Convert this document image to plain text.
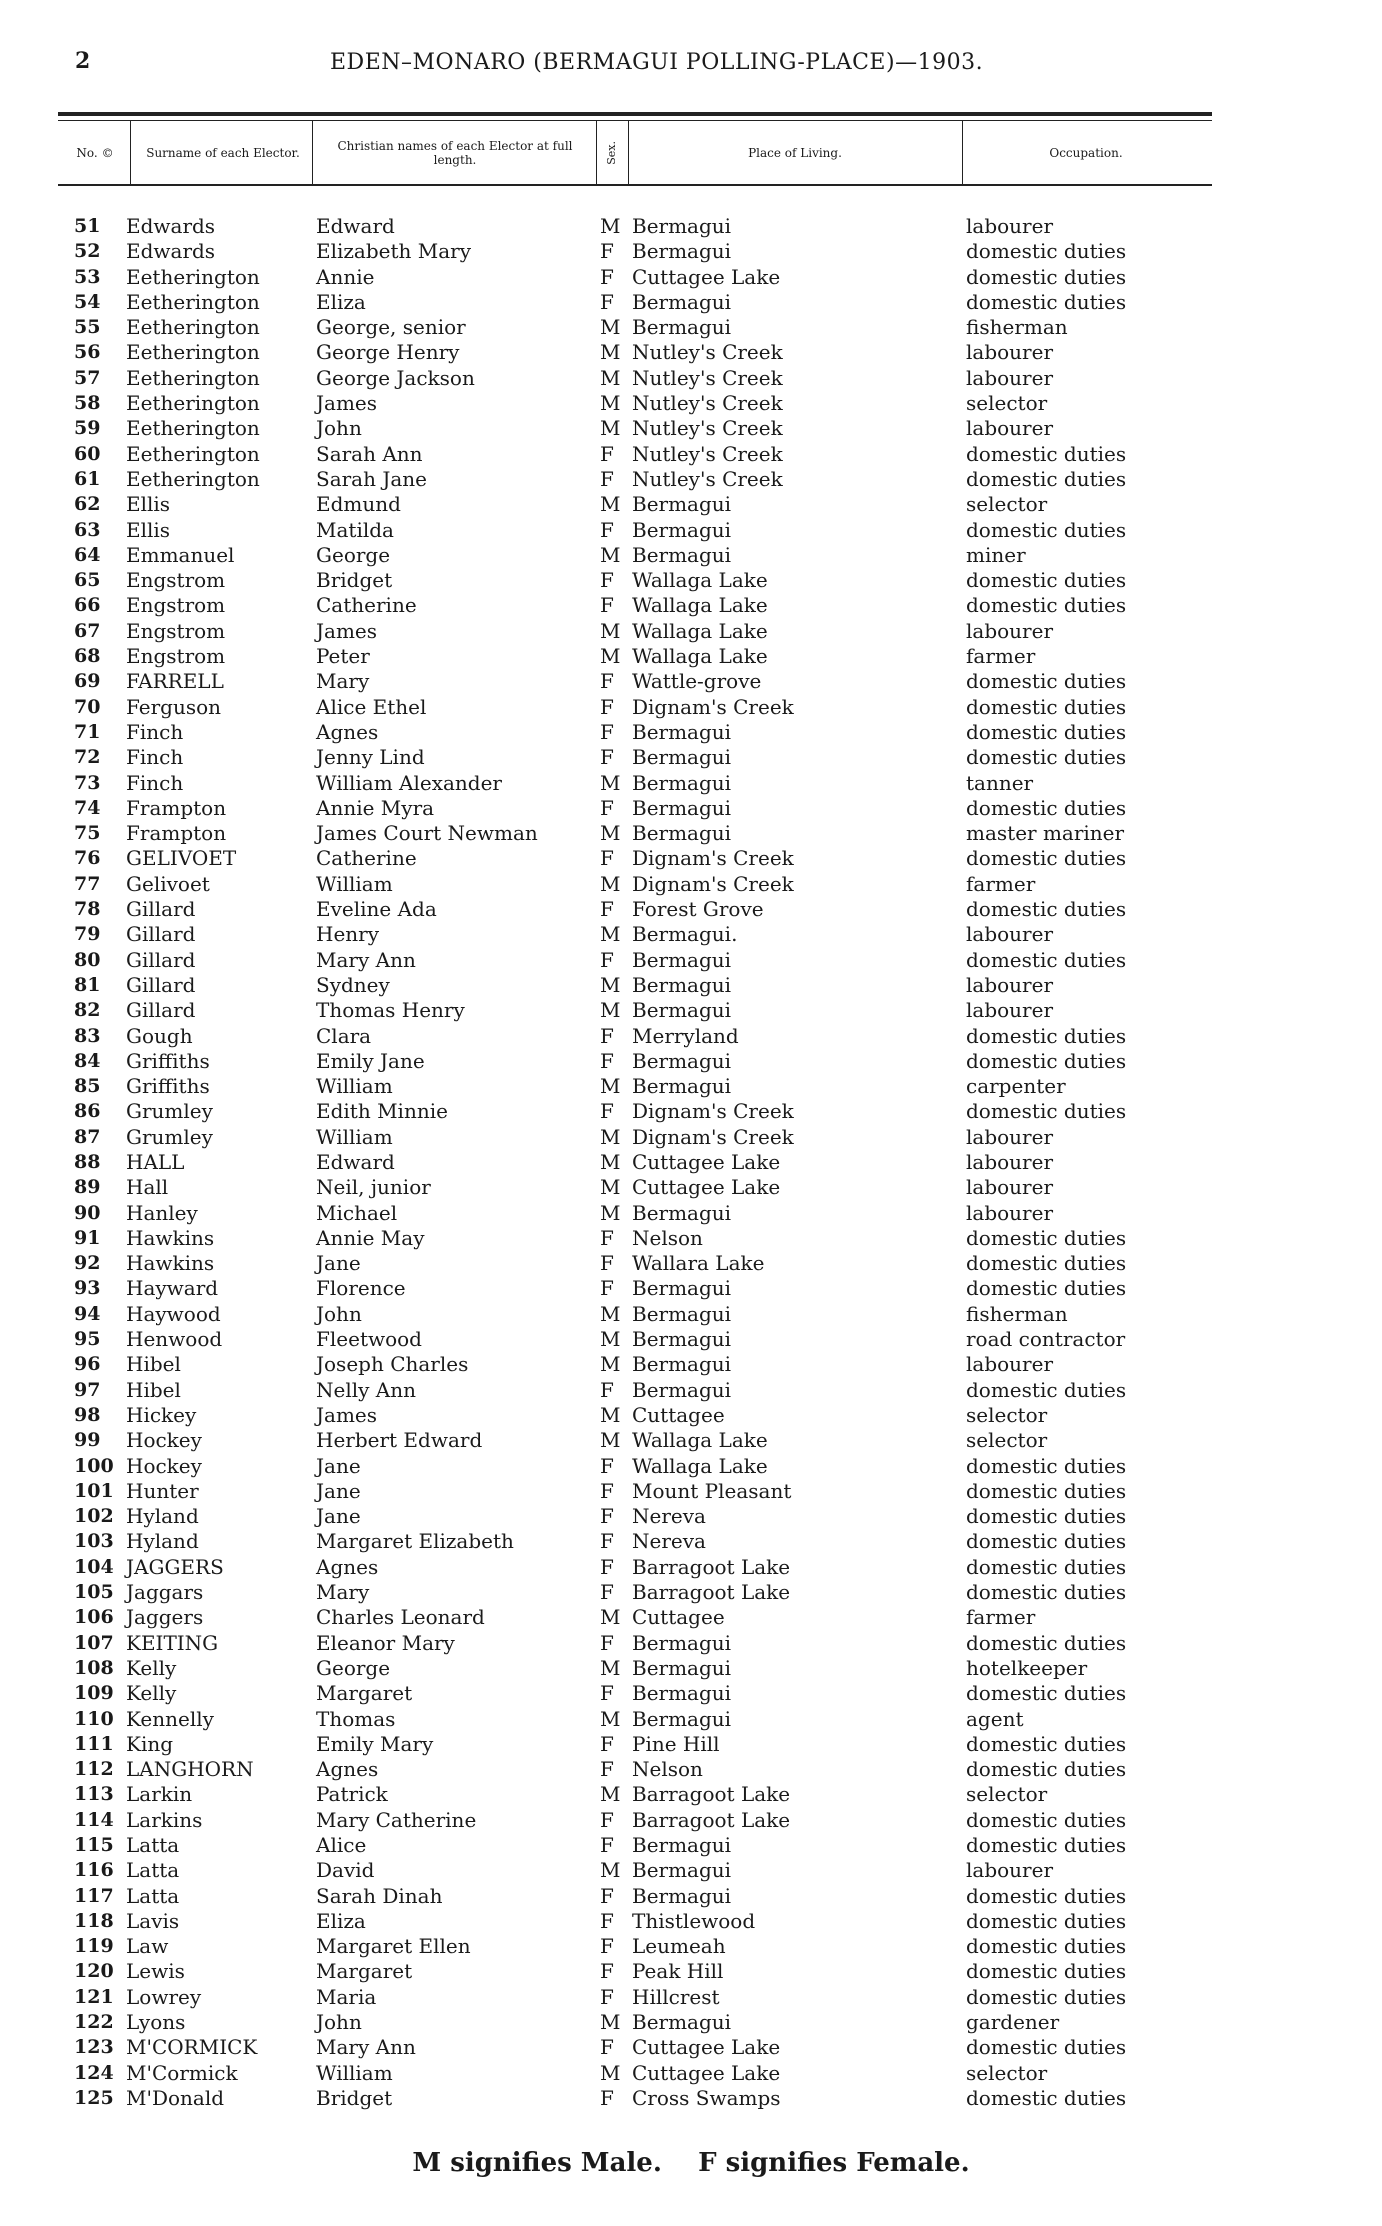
2	EDEN–MONARO (BERMAGUI POLLING-PLACE)—1903.
No. ©	Surname of each Elector.	Christian names of each Elector at full length.	Sex.	Place of Living.	Occupation.
51	Edwards	Edward	M Bermagui	labourer
52	Edwards	Elizabeth Mary	F Bermagui	domestic duties
53	Eetherington	Annie	F Cuttagee Lake	domestic duties
54	Eetherington	Eliza	F Bermagui	domestic duties
55	Eetherington	George, senior	M Bermagui	fisherman
56	Eetherington	George Henry	M Nutley's Creek	labourer
57	Eetherington	George Jackson	M Nutley's Creek	labourer
58	Eetherington	James	M Nutley's Creek	selector
59	Eetherington	John	M Nutley's Creek	labourer
60	Eetherington	Sarah Ann	F Nutley's Creek	domestic duties
61	Eetherington	Sarah Jane	F Nutley's Creek	domestic duties
62	Ellis	Edmund	M Bermagui	selector
63	Ellis	Matilda	F Bermagui	domestic duties
64	Emmanuel	George	M Bermagui	miner
65	Engstrom	Bridget	F Wallaga Lake	domestic duties
66	Engstrom	Catherine	F Wallaga Lake	domestic duties
67	Engstrom	James	M Wallaga Lake	labourer
68	Engstrom	Peter	M Wallaga Lake	farmer
69	FARRELL	Mary	F Wattle-grove	domestic duties
70	Ferguson	Alice Ethel	F Dignam's Creek	domestic duties
71	Finch	Agnes	F Bermagui	domestic duties
72	Finch	Jenny Lind	F Bermagui	domestic duties
73	Finch	William Alexander	M Bermagui	tanner
74	Frampton	Annie Myra	F Bermagui	domestic duties
75	Frampton	James Court Newman	M Bermagui	master mariner
76	GELIVOET	Catherine	F Dignam's Creek	domestic duties
77	Gelivoet	William	M Dignam's Creek	farmer
78	Gillard	Eveline Ada	F Forest Grove	domestic duties
79	Gillard	Henry	M Bermagui.	labourer
80	Gillard	Mary Ann	F Bermagui	domestic duties
81	Gillard	Sydney	M Bermagui	labourer
82	Gillard	Thomas Henry	M Bermagui	labourer
83	Gough	Clara	F Merryland	domestic duties
84	Griffiths	Emily Jane	F Bermagui	domestic duties
85	Griffiths	William	M Bermagui	carpenter
86	Grumley	Edith Minnie	F Dignam's Creek	domestic duties
87	Grumley	William	M Dignam's Creek	labourer
88	HALL	Edward	M Cuttagee Lake	labourer
89	Hall	Neil, junior	M Cuttagee Lake	labourer
90	Hanley	Michael	M Bermagui	labourer
91	Hawkins	Annie May	F Nelson	domestic duties
92	Hawkins	Jane	F Wallara Lake	domestic duties
93	Hayward	Florence	F Bermagui	domestic duties
94	Haywood	John	M Bermagui	fisherman
95	Henwood	Fleetwood	M Bermagui	road contractor
96	Hibel	Joseph Charles	M Bermagui	labourer
97	Hibel	Nelly Ann	F Bermagui	domestic duties
98	Hickey	James	M Cuttagee	selector
99	Hockey	Herbert Edward	M Wallaga Lake	selector
100 Hockey	Jane	F Wallaga Lake	domestic duties
101 Hunter	Jane	F Mount Pleasant	domestic duties
102 Hyland	Jane	F Nereva	domestic duties
103 Hyland	Margaret Elizabeth	F Nereva	domestic duties
104 JAGGERS	Agnes	F Barragoot Lake	domestic duties
105 Jaggars	Mary	F Barragoot Lake	domestic duties
106 Jaggers	Charles Leonard	M Cuttagee	farmer
107 KEITING	Eleanor Mary	F Bermagui	domestic duties
108 Kelly	George	M Bermagui	hotelkeeper
109 Kelly	Margaret	F Bermagui	domestic duties
110 Kennelly	Thomas	M Bermagui	agent
111 King	Emily Mary	F Pine Hill	domestic duties
112 LANGHORN	Agnes	F Nelson	domestic duties
113 Larkin	Patrick	M Barragoot Lake	selector
114 Larkins	Mary Catherine	F Barragoot Lake	domestic duties
115 Latta	Alice	F Bermagui	domestic duties
116 Latta	David	M Bermagui	labourer
117 Latta	Sarah Dinah	F Bermagui	domestic duties
118 Lavis	Eliza	F Thistlewood	domestic duties
119 Law	Margaret Ellen	F Leumeah	domestic duties
120 Lewis	Margaret	F Peak Hill	domestic duties
121 Lowrey	Maria	F Hillcrest	domestic duties
122 Lyons	John	M Bermagui	gardener
123 M'CORMICK	Mary Ann	F Cuttagee Lake	domestic duties
124 M'Cormick	William	M Cuttagee Lake	selector
125 M'Donald	Bridget	F Cross Swamps	domestic duties
M signifies Male.    F signifies Female.
